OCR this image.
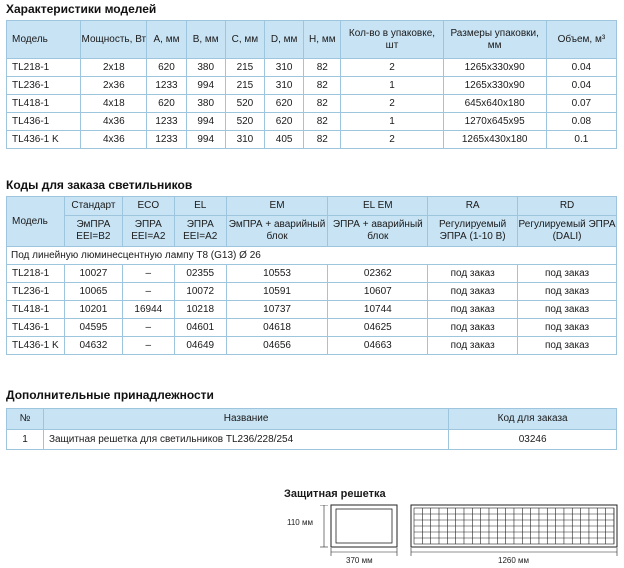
Характеристики моделей
Модель	Мощность, Вт	A, мм	B, мм	C, мм	D, мм	H, мм	Кол-во в упаковке, шт	Размеры упаковки, мм	Объем, м³
TL218-1	2x18	620	380	215	310	82	2	1265x330x90	0.04
TL236-1	2x36	1233	994	215	310	82	1	1265x330x90	0.04
TL418-1	4x18	620	380	520	620	82	2	645x640x180	0.07
TL436-1	4x36	1233	994	520	620	82	1	1270x645x95	0.08
TL436-1 K	4x36	1233	994	310	405	82	2	1265x430x180	0.1
Коды для заказа светильников
Модель	Стандарт	ECO	EL	EM	EL EM	RA	RD
	ЭмПРА EEI=B2	ЭПРА EEI=A2	ЭПРА EEI=A2	ЭмПРА + аварийный блок	ЭПРА + аварийный блок	Регулируемый ЭПРА (1-10 В)	Регулируемый ЭПРА (DALI)
Под линейную люминесцентную лампу T8 (G13) Ø 26							
TL218-1	10027	–	02355	10553	02362	под заказ	под заказ
TL236-1	10065	–	10072	10591	10607	под заказ	под заказ
TL418-1	10201	16944	10218	10737	10744	под заказ	под заказ
TL436-1	04595	–	04601	04618	04625	под заказ	под заказ
TL436-1 K	04632	–	04649	04656	04663	под заказ	под заказ
Дополнительные принадлежности
№	Название	Код для заказа
1	Защитная решетка для светильников TL236/228/254	03246
Защитная решетка
110 мм
370 мм	1260 мм
